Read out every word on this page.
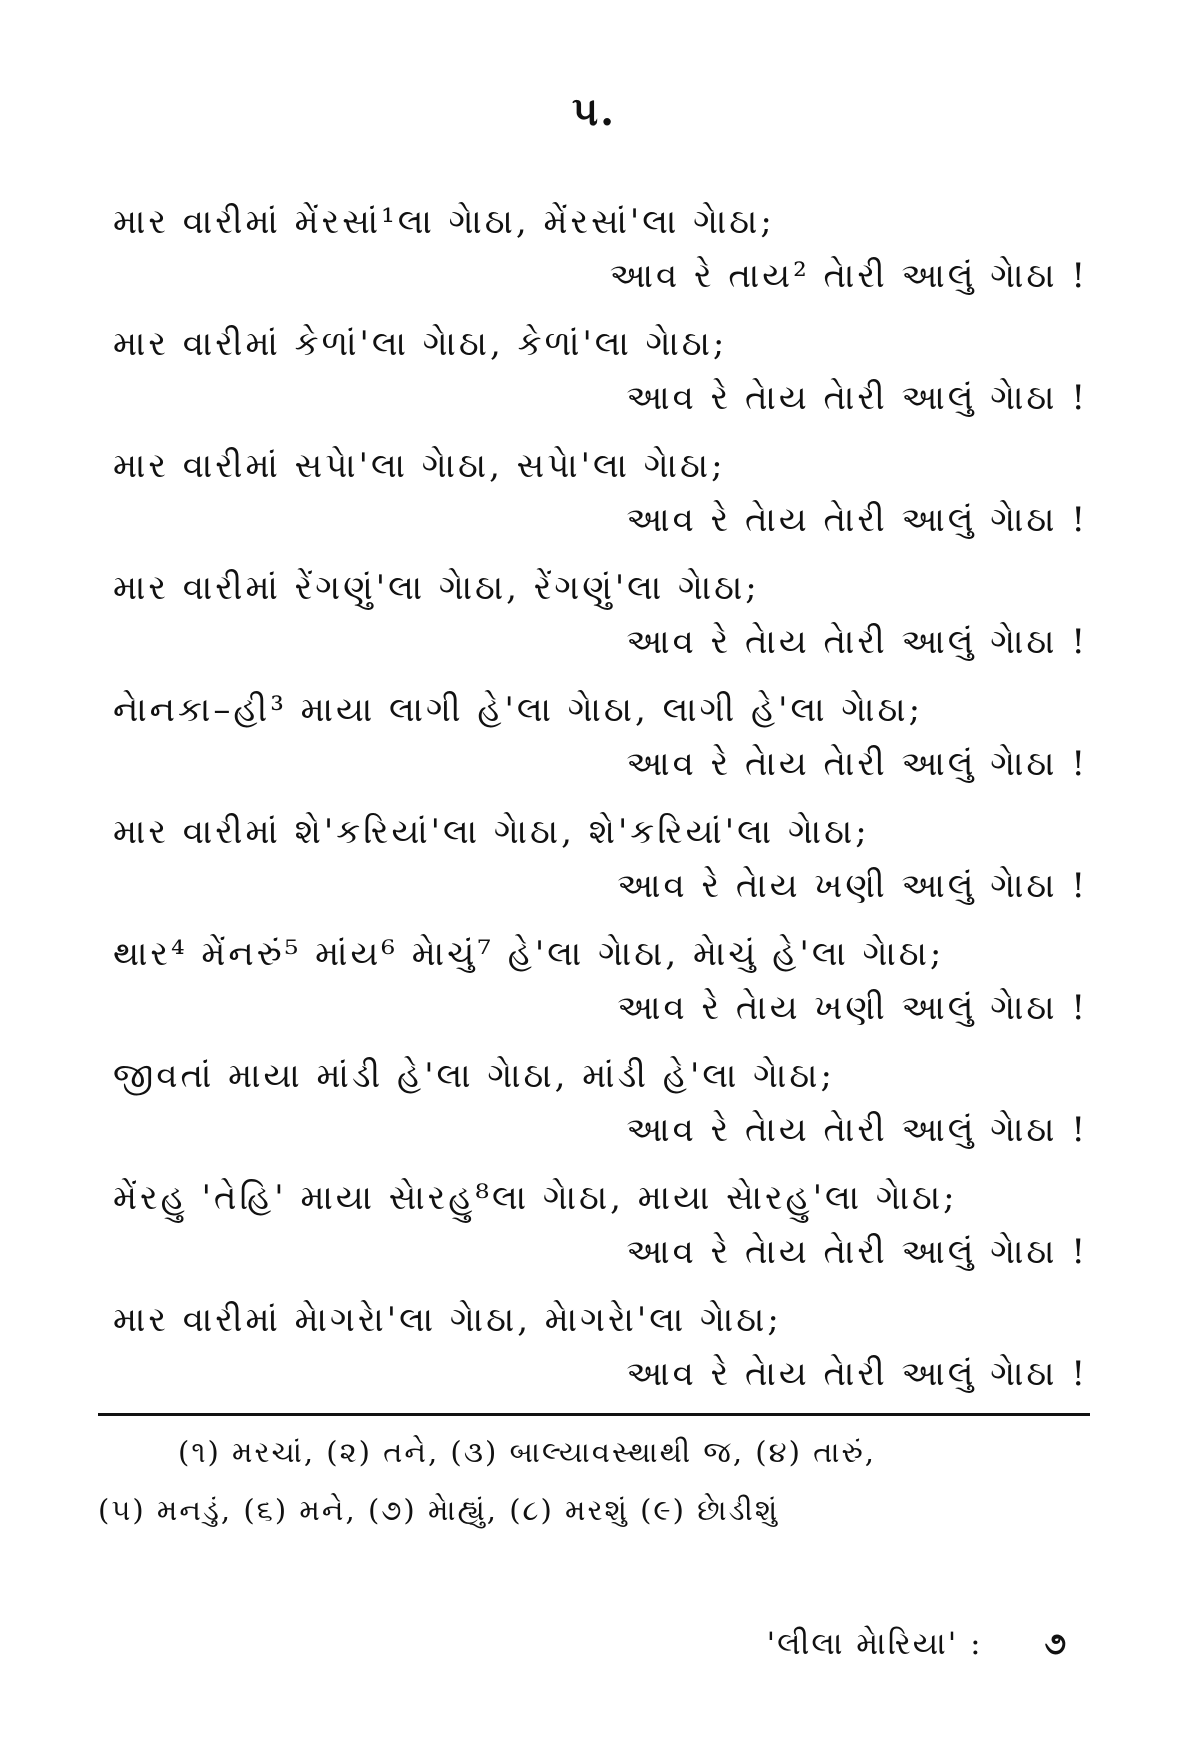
૫.
માર વારીમાં મેંરસાં¹લા ગેાઠા, મેંરસાં'લા ગેાઠા;
આવ રે તાય² તેારી આલું ગેાઠા !
માર વારીમાં કેળાં'લા ગેાઠા, કેળાં'લા ગેાઠા;
આવ રે તેાય તેારી આલું ગેાઠા !
માર વારીમાં સપેા'લા ગેાઠા, સપેા'લા ગેાઠા;
આવ રે તેાય તેારી આલું ગેાઠા !
માર વારીમાં રેંગણું'લા ગેાઠા, રેંગણું'લા ગેાઠા;
આવ રે તેાય તેારી આલું ગેાઠા !
નેાનકા–હી³ માયા લાગી હે'લા ગેાઠા, લાગી હે'લા ગેાઠા;
આવ રે તેાય તેારી આલું ગેાઠા !
માર વારીમાં શે'કરિયાં'લા ગેાઠા, શે'કરિયાં'લા ગેાઠા;
આવ રે તેાય ખણી આલું ગેાઠા !
થાર⁴ મેંનરું⁵ માંય⁶ મેાચું⁷ હે'લા ગેાઠા, મેાચું હે'લા ગેાઠા;
આવ રે તેાય ખણી આલું ગેાઠા !
જીવતાં માયા માંડી હે'લા ગેાઠા, માંડી હે'લા ગેાઠા;
આવ રે તેાય તેારી આલું ગેાઠા !
મેંરહુ 'તેહિ' માયા સેારહુ⁸લા ગેાઠા, માયા સેારહુ'લા ગેાઠા;
આવ રે તેાય તેારી આલું ગેાઠા !
માર વારીમાં મેાગરેા'લા ગેાઠા, મેાગરેા'લા ગેાઠા;
આવ રે તેાય તેારી આલું ગેાઠા !
(૧) મરચાં, (૨) તને, (૩) બાલ્યાવસ્થાથી જ, (૪) તારું,
(૫) મનડું, (૬) મને, (૭) મેાહ્યું, (૮) મરશું (૯) છેાડીશું
'લીલા મેારિયા' : ૭
